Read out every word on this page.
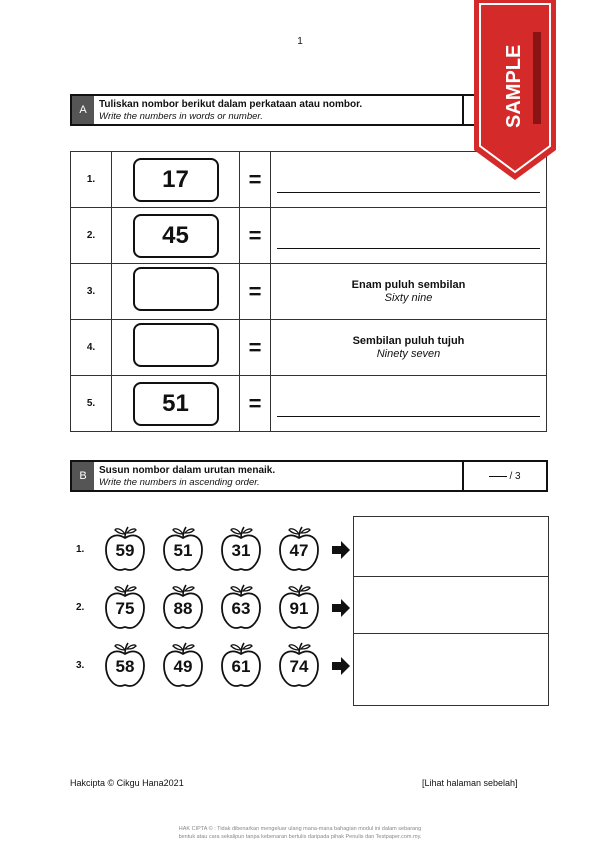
1
A	Tuliskan nombor berikut dalam perkataan atau nombor.
Write the numbers in words or number.
1.	17	=	

2.	45	=	

3.		=	Enam puluh sembilan
Sixty nine

4.		=	Sembilan puluh tujuh
Ninety seven

5.	51	=	
B	Susun nombor dalam urutan menaik.
Write the numbers in ascending order.
/ 3
1.	59	51	31	47
2.	75	88	63	91
3.	58	49	61	74
Hakcipta © Cikgu Hana2021	[Lihat halaman sebelah]
HAK CIPTA © : Tidak dibenarkan mengeluar ulang mana-mana bahagian modul ini dalam sebarang
bentuk atau cara sekalipun tanpa kebenaran bertulis daripada pihak Penulis dan Testpaper.com.my.
SAMPLE
